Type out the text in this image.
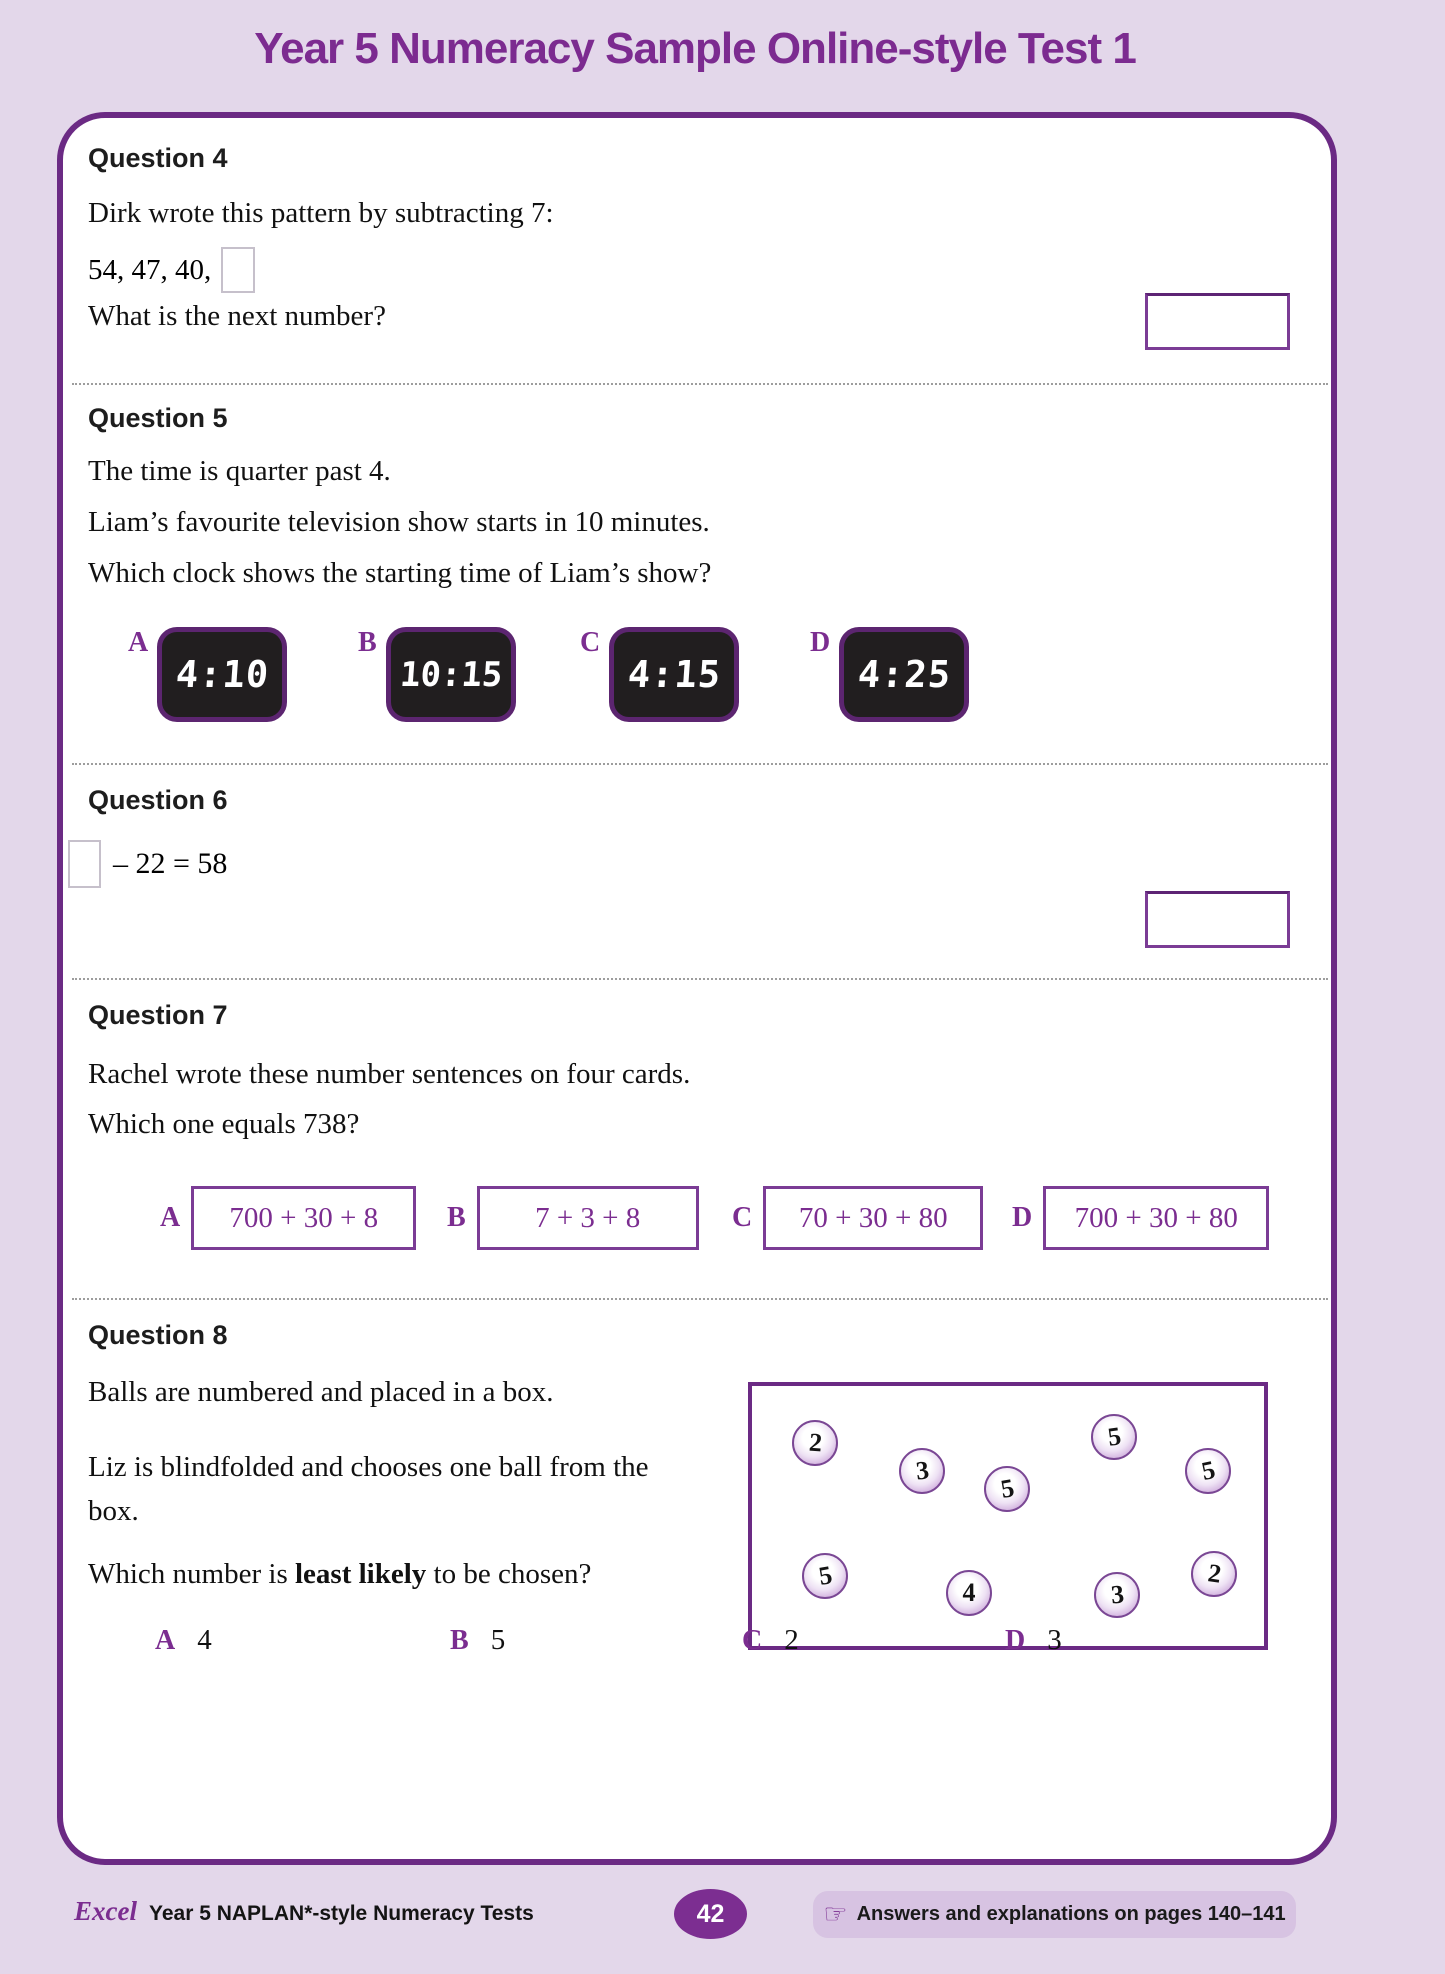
Year 5 Numeracy Sample Online-style Test 1
Question 4

Dirk wrote this pattern by subtracting 7:

54, 47, 40,

What is the next number?

Question 5

The time is quarter past 4.

Liam’s favourite television show starts in 10 minutes.

Which clock shows the starting time of Liam’s show?

A
4:10
B
10:15
C
4:15
D
4:25
Question 6
– 22 = 58
Question 7

Rachel wrote these number sentences on four cards.

Which one equals 738?

A 700 + 30 + 8 B 7 + 3 + 8	C 70 + 30 + 80 D 700 + 30 + 80
Question 8

Balls are numbered and placed in a box.

Liz is blindfolded and chooses one ball from the box.

Which number is least likely to be chosen?

2
3
5
5
5
5
4	3
2
A 4	B 5	C 2	D 3
Excel Year 5 NAPLAN*-style Numeracy Tests	42	☞ Answers and explanations on pages 140–141
